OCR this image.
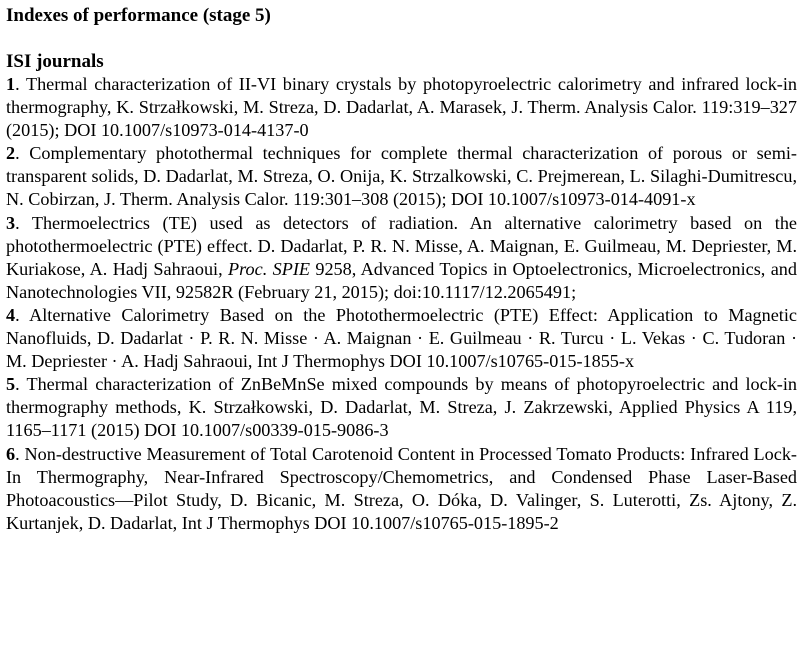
Indexes of performance (stage 5)
ISI journals

1. Thermal characterization of II-VI binary crystals by photopyroelectric calorimetry and infrared lock-in thermography, K. Strzałkowski, M. Streza, D. Dadarlat, A. Marasek, J. Therm. Analysis Calor. 119:319–327 (2015); DOI 10.1007/s10973-014-4137-0

2. Complementary photothermal techniques for complete thermal characterization of porous or semi-transparent solids, D. Dadarlat, M. Streza, O. Onija, K. Strzalkowski, C. Prejmerean, L. Silaghi-Dumitrescu, N. Cobirzan, J. Therm. Analysis Calor. 119:301–308 (2015); DOI 10.1007/s10973-014-4091-x

3. Thermoelectrics (TE) used as detectors of radiation. An alternative calorimetry based on the photothermoelectric (PTE) effect. D. Dadarlat, P. R. N. Misse, A. Maignan, E. Guilmeau, M. Depriester, M. Kuriakose, A. Hadj Sahraoui, Proc. SPIE 9258, Advanced Topics in Optoelectronics, Microelectronics, and Nanotechnologies VII, 92582R (February 21, 2015); doi:10.1117/12.2065491;

4. Alternative Calorimetry Based on the Photothermoelectric (PTE) Effect: Application to Magnetic Nanofluids, D. Dadarlat · P. R. N. Misse · A. Maignan · E. Guilmeau · R. Turcu · L. Vekas · C. Tudoran · M. Depriester · A. Hadj Sahraoui, Int J Thermophys DOI 10.1007/s10765-015-1855-x

5. Thermal characterization of ZnBeMnSe mixed compounds by means of photopyroelectric and lock-in thermography methods, K. Strzałkowski, D. Dadarlat, M. Streza, J. Zakrzewski, Applied Physics A 119, 1165–1171 (2015) DOI 10.1007/s00339-015-9086-3

6. Non-destructive Measurement of Total Carotenoid Content in Processed Tomato Products: Infrared Lock-In Thermography, Near-Infrared Spectroscopy/Chemometrics, and Condensed Phase Laser-Based Photoacoustics—Pilot Study, D. Bicanic, M. Streza, O. Dóka, D. Valinger, S. Luterotti, Zs. Ajtony, Z. Kurtanjek, D. Dadarlat, Int J Thermophys DOI 10.1007/s10765-015-1895-2
